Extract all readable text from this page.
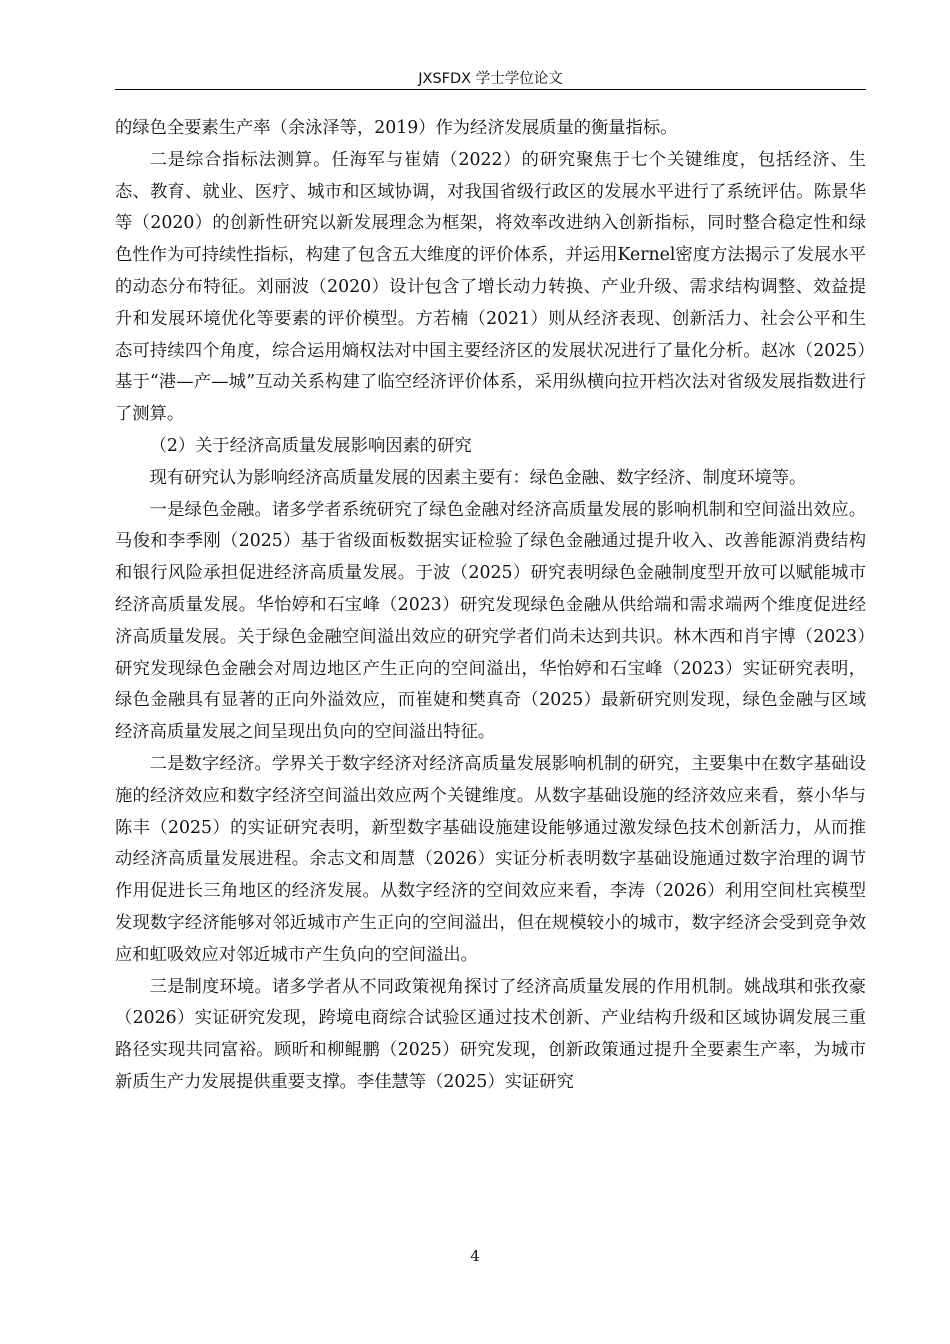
JXSFDX 学士学位论文

的绿色全要素生产率（余泳泽等，2019）作为经济发展质量的衡量指标。

二是综合指标法测算。任海军与崔婧（2022）的研究聚焦于七个关键维度，包括经济、生态、教育、就业、医疗、城市和区域协调，对我国省级行政区的发展水平进行了系统评估。陈景华等（2020）的创新性研究以新发展理念为框架，将效率改进纳入创新指标，同时整合稳定性和绿色性作为可持续性指标，构建了包含五大维度的评价体系，并运用Kernel密度方法揭示了发展水平的动态分布特征。刘丽波（2020）设计包含了增长动力转换、产业升级、需求结构调整、效益提升和发展环境优化等要素的评价模型。方若楠（2021）则从经济表现、创新活力、社会公平和生态可持续四个角度，综合运用熵权法对中国主要经济区的发展状况进行了量化分析。赵冰（2025）基于“港—产—城”互动关系构建了临空经济评价体系，采用纵横向拉开档次法对省级发展指数进行了测算。

（2）关于经济高质量发展影响因素的研究

现有研究认为影响经济高质量发展的因素主要有：绿色金融、数字经济、制度环境等。

一是绿色金融。诸多学者系统研究了绿色金融对经济高质量发展的影响机制和空间溢出效应。马俊和李季刚（2025）基于省级面板数据实证检验了绿色金融通过提升收入、改善能源消费结构和银行风险承担促进经济高质量发展。于波（2025）研究表明绿色金融制度型开放可以赋能城市经济高质量发展。华怡婷和石宝峰（2023）研究发现绿色金融从供给端和需求端两个维度促进经济高质量发展。关于绿色金融空间溢出效应的研究学者们尚未达到共识。林木西和肖宇博（2023）研究发现绿色金融会对周边地区产生正向的空间溢出，华怡婷和石宝峰（2023）实证研究表明，绿色金融具有显著的正向外溢效应，而崔婕和樊真奇（2025）最新研究则发现，绿色金融与区域经济高质量发展之间呈现出负向的空间溢出特征。

二是数字经济。学界关于数字经济对经济高质量发展影响机制的研究，主要集中在数字基础设施的经济效应和数字经济空间溢出效应两个关键维度。从数字基础设施的经济效应来看，蔡小华与陈丰（2025）的实证研究表明，新型数字基础设施建设能够通过激发绿色技术创新活力，从而推动经济高质量发展进程。余志文和周慧（2026）实证分析表明数字基础设施通过数字治理的调节作用促进长三角地区的经济发展。从数字经济的空间效应来看，李涛（2026）利用空间杜宾模型发现数字经济能够对邻近城市产生正向的空间溢出，但在规模较小的城市，数字经济会受到竞争效应和虹吸效应对邻近城市产生负向的空间溢出。

三是制度环境。诸多学者从不同政策视角探讨了经济高质量发展的作用机制。姚战琪和张孜豪（2026）实证研究发现，跨境电商综合试验区通过技术创新、产业结构升级和区域协调发展三重路径实现共同富裕。顾昕和柳鲲鹏（2025）研究发现，创新政策通过提升全要素生产率，为城市新质生产力发展提供重要支撑。李佳慧等（2025）实证研究

4
